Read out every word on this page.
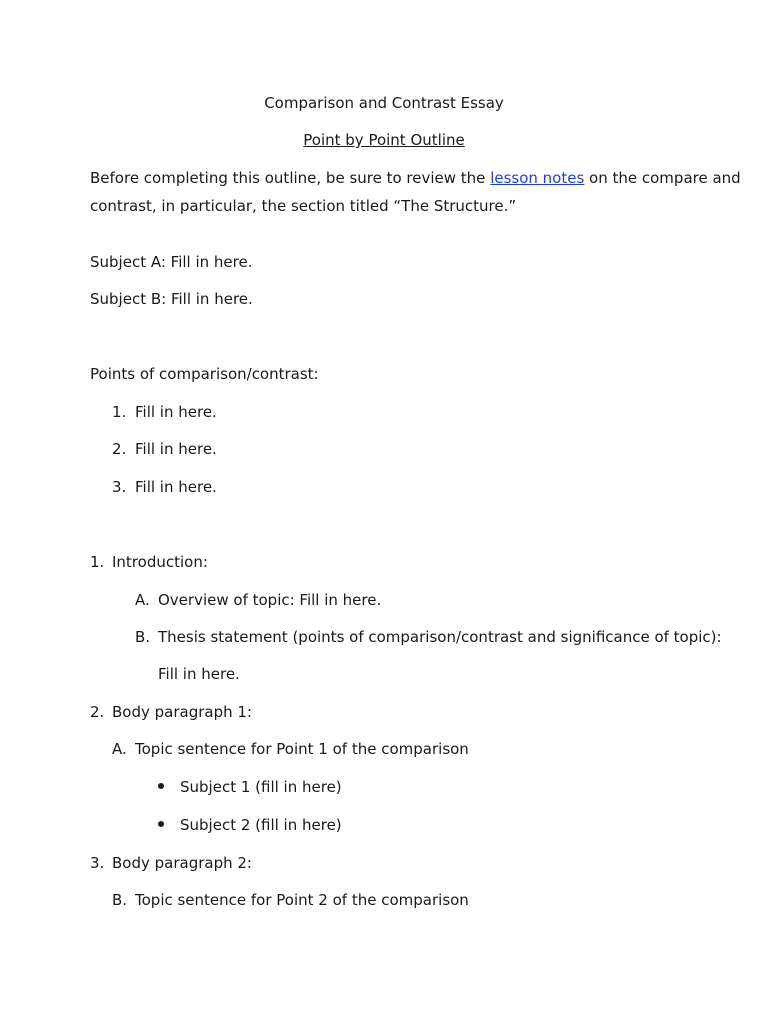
Comparison and Contrast Essay
Point by Point Outline
Before completing this outline, be sure to review the lesson notes on the compare and
contrast, in particular, the section titled “The Structure.”
Subject A: Fill in here.
Subject B: Fill in here.
Points of comparison/contrast:
1. Fill in here.
2. Fill in here.
3. Fill in here.
1. Introduction:
A. Overview of topic: Fill in here.
B. Thesis statement (points of comparison/contrast and significance of topic):
Fill in here.
2. Body paragraph 1:
A. Topic sentence for Point 1 of the comparison
Subject 1 (fill in here)
Subject 2 (fill in here)
3. Body paragraph 2:
B. Topic sentence for Point 2 of the comparison
